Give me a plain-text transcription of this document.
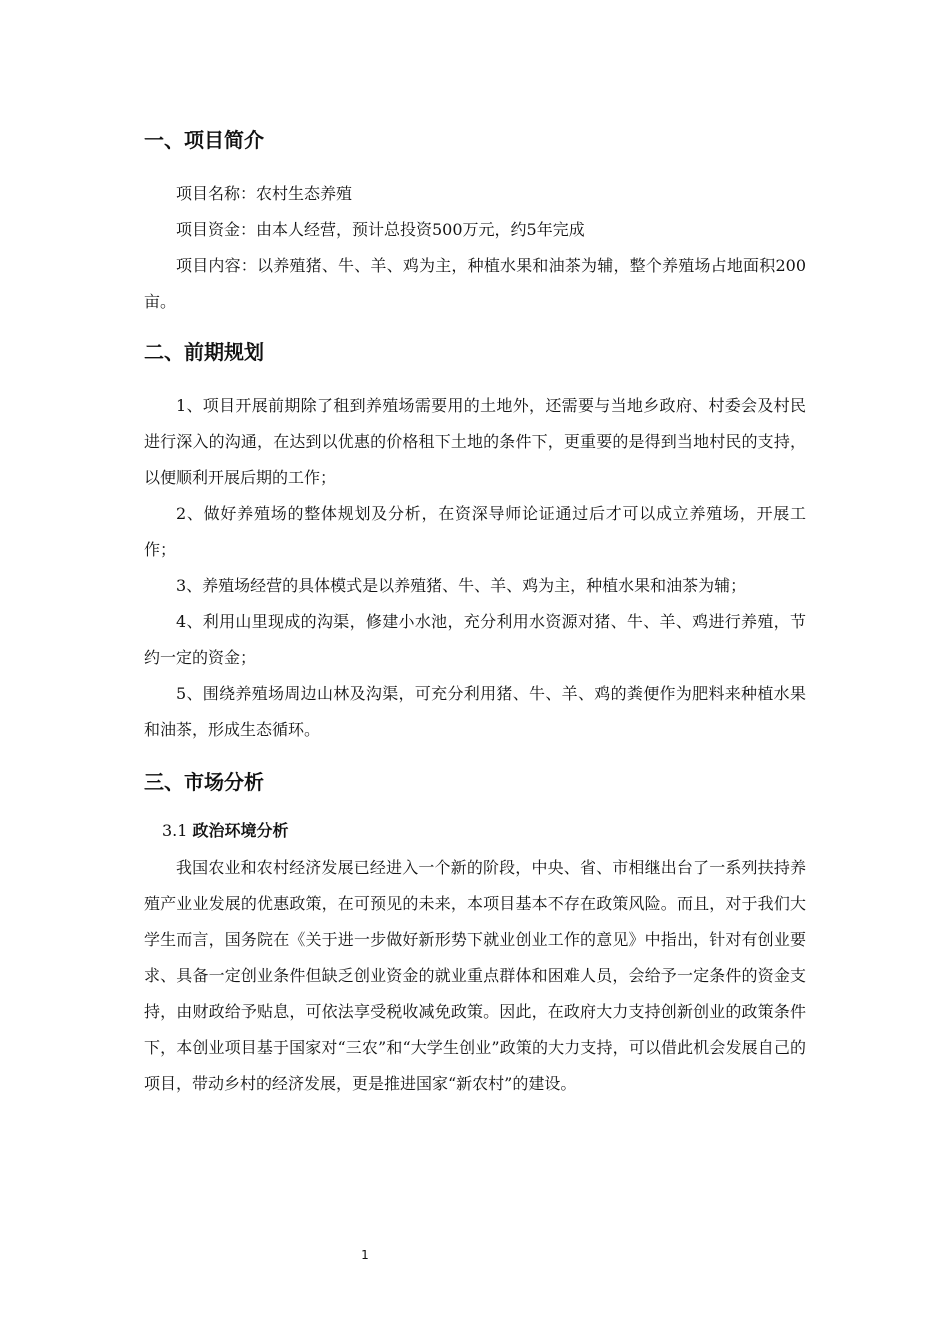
一、项目简介

项目名称：农村生态养殖

项目资金：由本人经营，预计总投资500万元，约5年完成

项目内容：以养殖猪、牛、羊、鸡为主，种植水果和油茶为辅，整个养殖场占地面积200亩。

二、前期规划

1、项目开展前期除了租到养殖场需要用的土地外，还需要与当地乡政府、村委会及村民进行深入的沟通，在达到以优惠的价格租下土地的条件下，更重要的是得到当地村民的支持，以便顺利开展后期的工作；

2、做好养殖场的整体规划及分析，在资深导师论证通过后才可以成立养殖场，开展工作；

3、养殖场经营的具体模式是以养殖猪、牛、羊、鸡为主，种植水果和油茶为辅；

4、利用山里现成的沟渠，修建小水池，充分利用水资源对猪、牛、羊、鸡进行养殖，节约一定的资金；

5、围绕养殖场周边山林及沟渠，可充分利用猪、牛、羊、鸡的粪便作为肥料来种植水果和油茶，形成生态循环。

三、市场分析
3.1 政治环境分析

我国农业和农村经济发展已经进入一个新的阶段，中央、省、市相继出台了一系列扶持养殖产业业发展的优惠政策，在可预见的未来，本项目基本不存在政策风险。而且，对于我们大学生而言，国务院在《关于进一步做好新形势下就业创业工作的意见》中指出，针对有创业要求、具备一定创业条件但缺乏创业资金的就业重点群体和困难人员，会给予一定条件的资金支持，由财政给予贴息，可依法享受税收减免政策。因此，在政府大力支持创新创业的政策条件下，本创业项目基于国家对“三农”和“大学生创业”政策的大力支持，可以借此机会发展自己的项目，带动乡村的经济发展，更是推进国家“新农村”的建设。

1
